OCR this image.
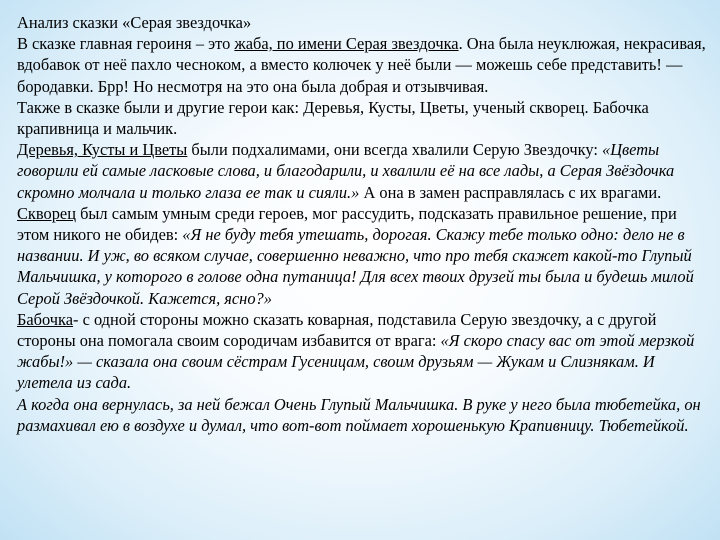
Анализ сказки «Серая звездочка»

В сказке главная героиня – это жаба, по имени Серая звездочка. Она была неуклюжая, некрасивая, вдобавок от неё пахло чесноком, а вместо колючек у неё были — можешь себе представить! — бородавки. Брр! Но несмотря на это она была добрая и отзывчивая.

Также в сказке были и другие герои как: Деревья, Кусты, Цветы, ученый скворец. Бабочка крапивница и мальчик.

Деревья, Кусты и Цветы были подхалимами, они всегда хвалили Серую Звездочку: «Цветы говорили ей самые ласковые слова, и благодарили, и хвалили её на все лады, а Серая Звёздочка скромно молчала и только глаза ее так и сияли.» А она в замен расправлялась с их врагами.

Скворец был самым умным среди героев, мог рассудить, подсказать правильное решение, при этом никого не обидев: «Я не буду тебя утешать, дорогая. Скажу тебе только одно: дело не в названии. И уж, во всяком случае, совершенно неважно, что про тебя скажет какой-то Глупый Мальчишка, у которого в голове одна путаница! Для всех твоих друзей ты была и будешь милой Серой Звёздочкой. Кажется, ясно?»

Бабочка- с одной стороны можно сказать коварная, подставила Серую звездочку, а с другой стороны она помогала своим сородичам избавится от врага: «Я скоро спасу вас от этой мерзкой жабы!» — сказала она своим сёстрам Гусеницам, своим друзьям — Жукам и Слизнякам. И улетела из сада.

А когда она вернулась, за ней бежал Очень Глупый Мальчишка. В руке у него была тюбетейка, он размахивал ею в воздухе и думал, что вот-вот поймает хорошенькую Крапивницу. Тюбетейкой.
